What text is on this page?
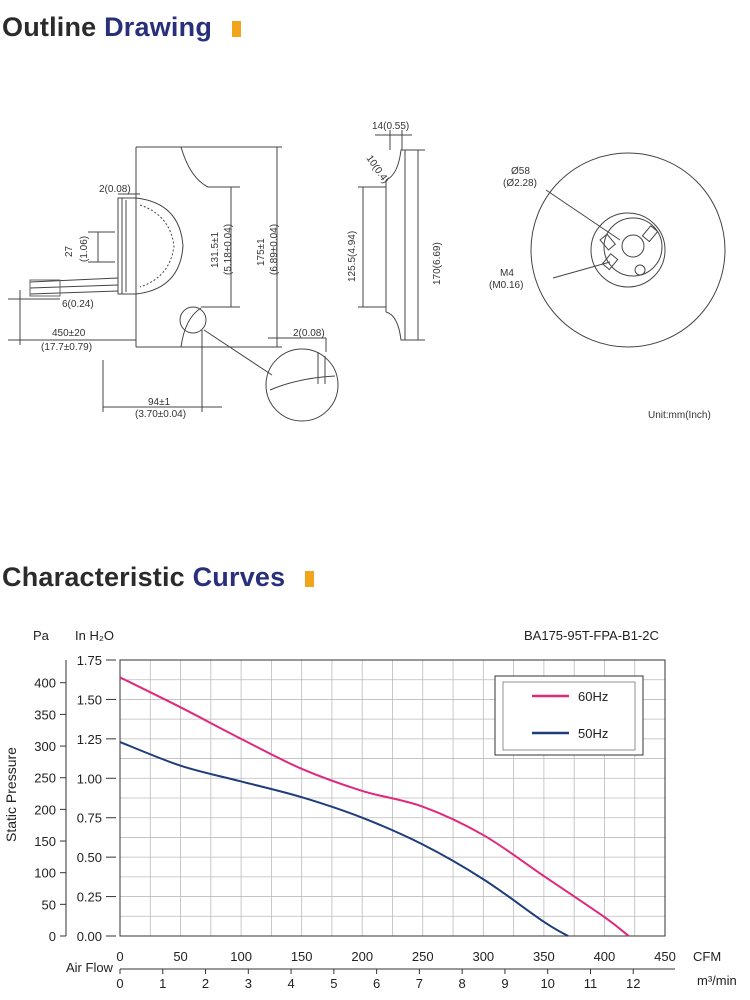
Outline Drawing
2(0.08)
27 (1.06)
6(0.24)
450±20
(17.7±0.79)
131.5±1 (5.18±0.04) 175±1 (6.89±0.04)
2(0.08)
94±1
(3.70±0.04)
14(0.55)
10(0.4)
125.5(4.94)	170(6.69)
Ø58
(Ø2.28)
M4
(M0.16)
Unit:mm(Inch)
Characteristic Curves
1.75
1.50
1.25
1.00
0.75
0.50
0.25
0.00
400
350
300
250
200
150
100
50
0
0	50	100	150	200	250	300	350	400	450
0	1	2	3	4	5	6	7	8	9 10 11 12
Pa In H₂O	BA175-95T-FPA-B1-2C
Static Pressure
Air Flow
CFM
m³/min
60Hz
50Hz
